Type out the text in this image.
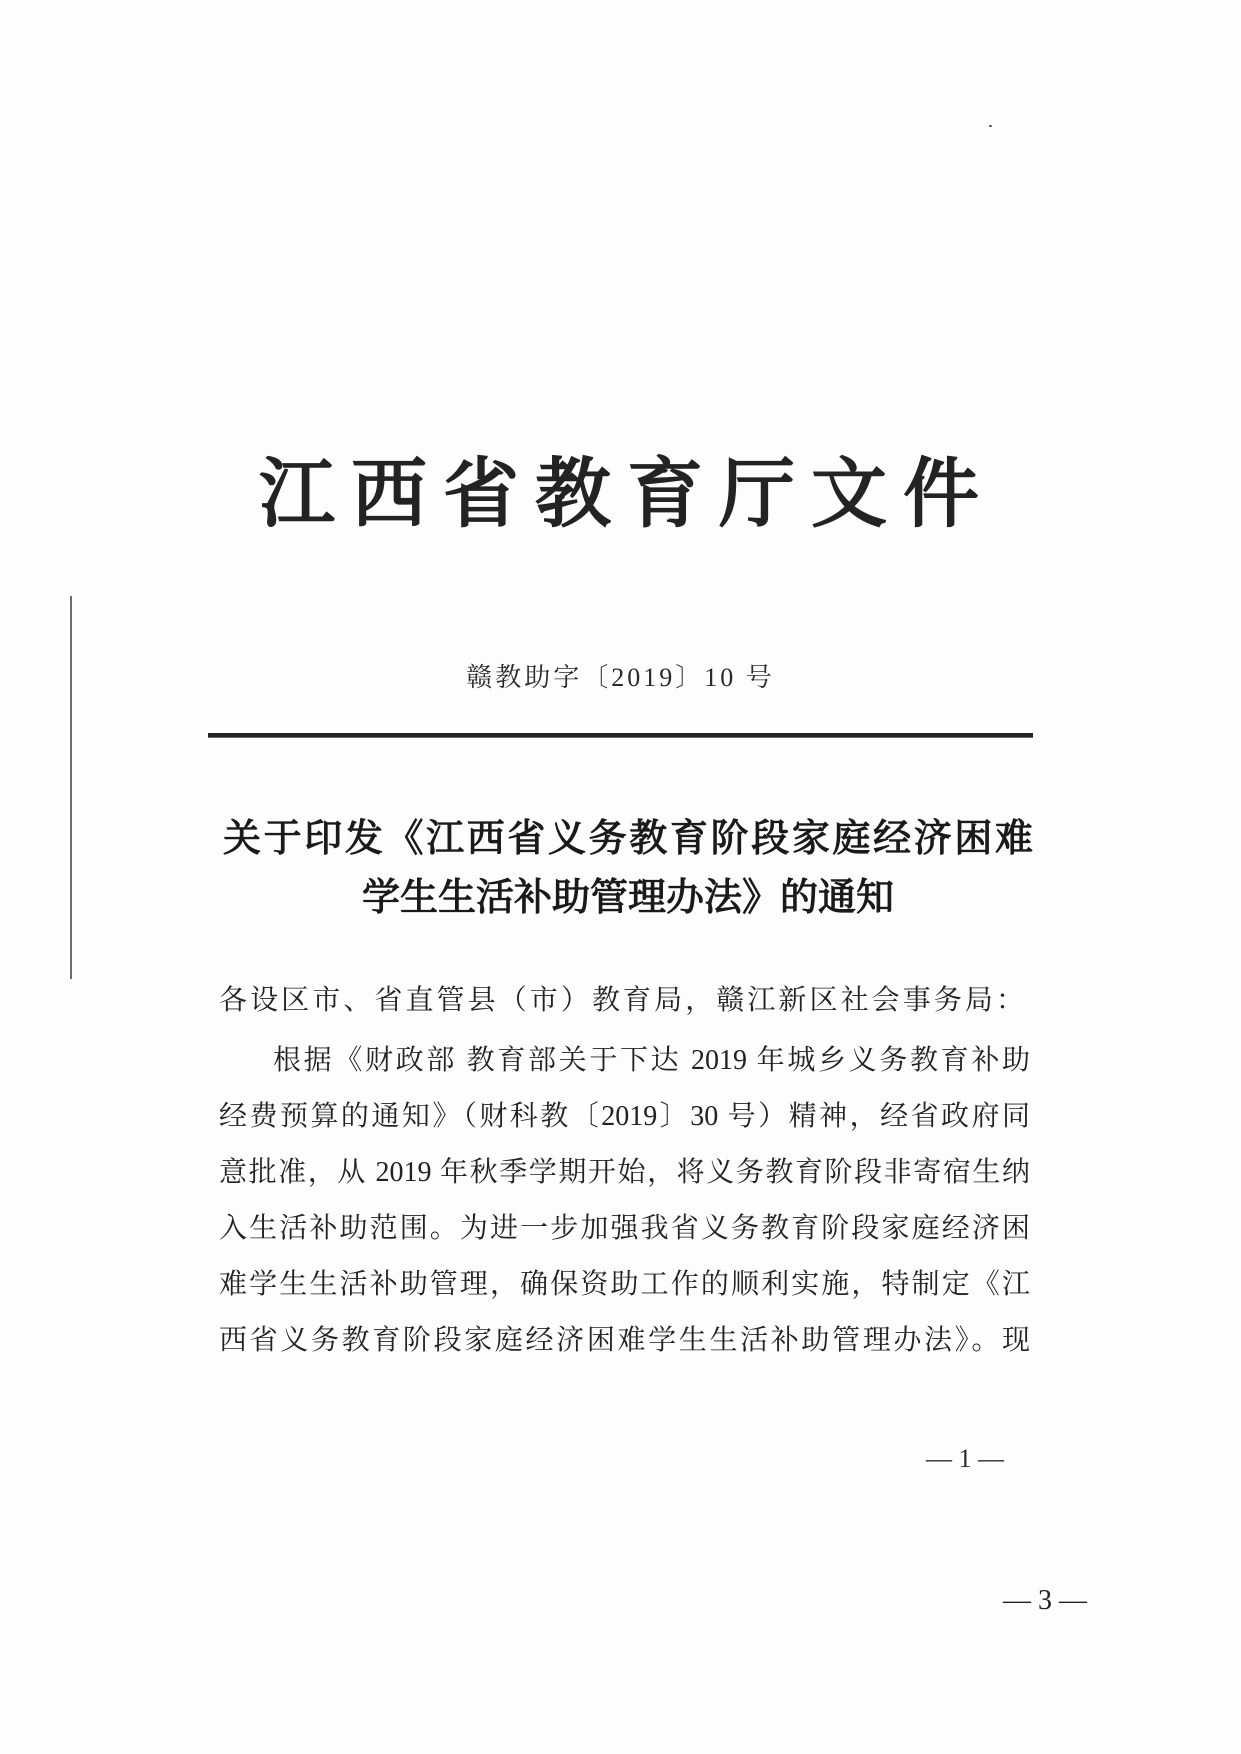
江西省教育厅文件
赣教助字〔2019〕10 号
关于印发《江西省义务教育阶段家庭经济困难
学生生活补助管理办法》的通知
各设区市、省直管县（市）教育局，赣江新区社会事务局：
根据《财政部 教育部关于下达 2019 年城乡义务教育补助
经费预算的通知》（财科教〔2019〕30 号）精神，经省政府同
意批准，从 2019 年秋季学期开始，将义务教育阶段非寄宿生纳
入生活补助范围。为进一步加强我省义务教育阶段家庭经济困
难学生生活补助管理，确保资助工作的顺利实施，特制定《江
西省义务教育阶段家庭经济困难学生生活补助管理办法》。现
— 1 —
— 3 —
